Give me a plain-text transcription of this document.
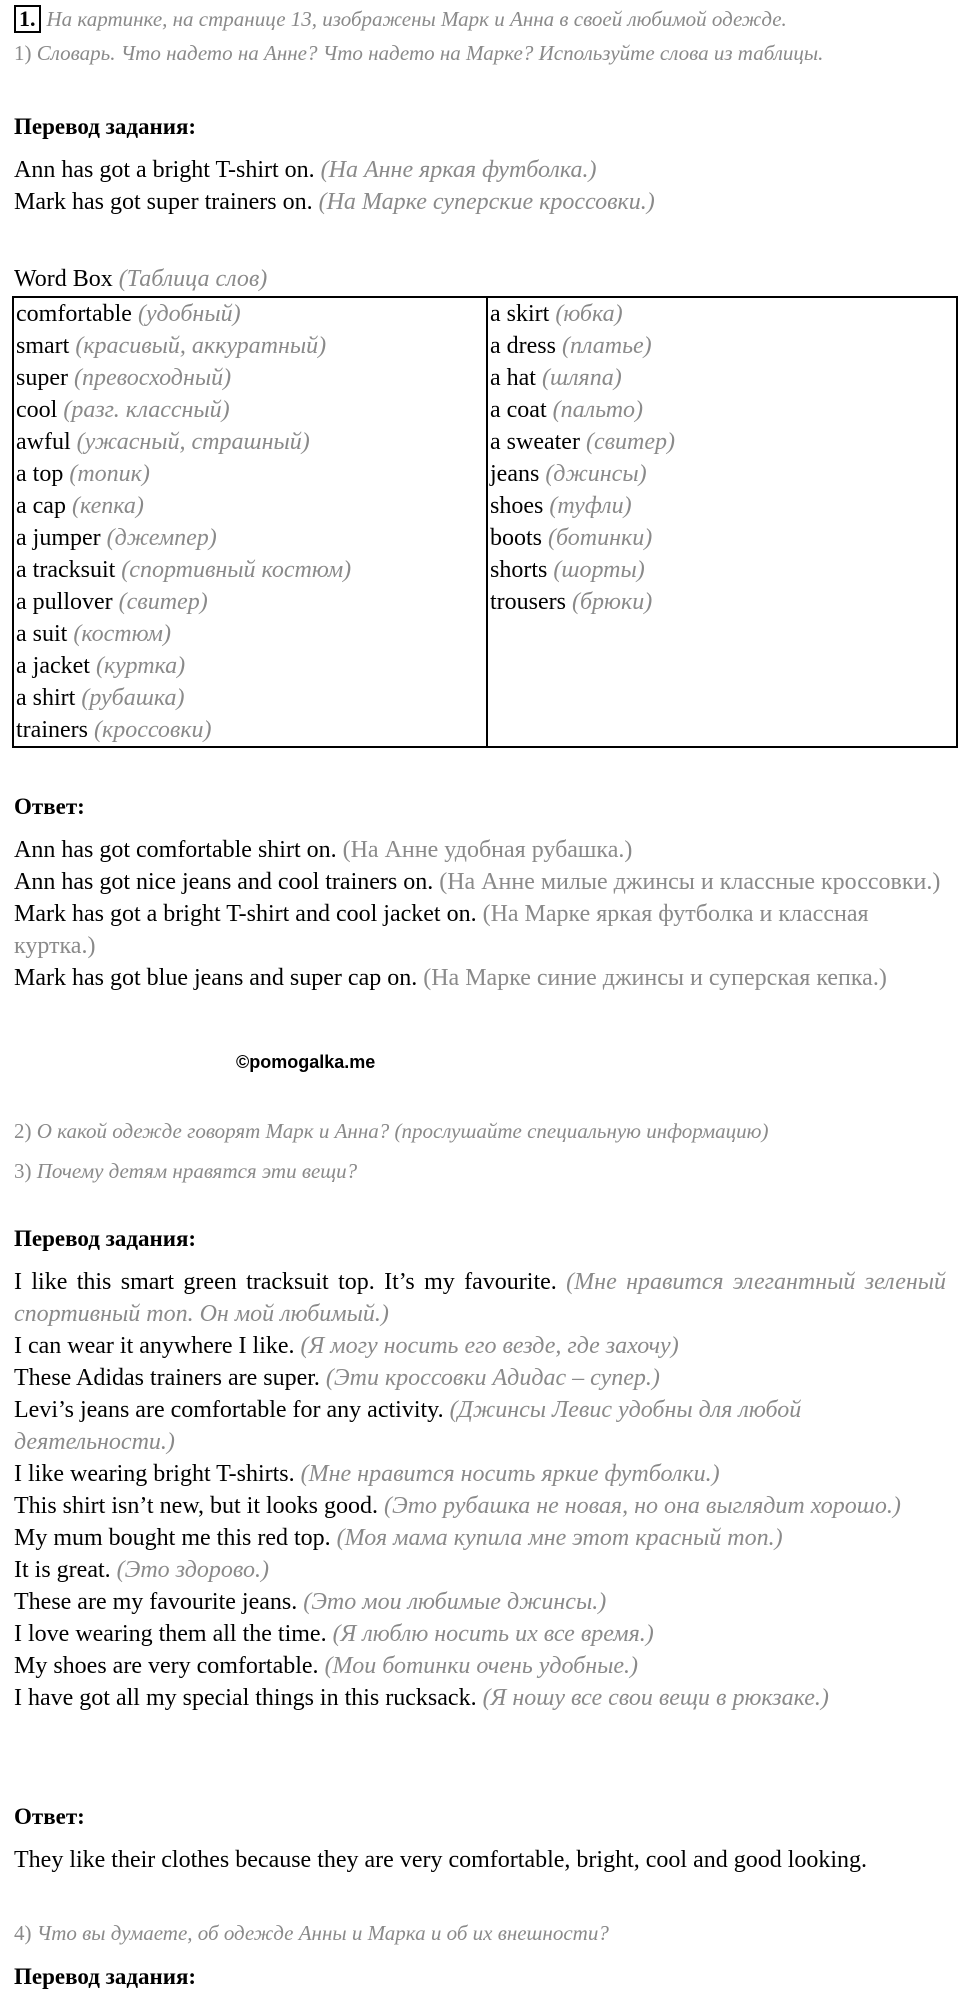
1. На картинке, на странице 13, изображены Марк и Анна в своей любимой одежде.
1) Словарь. Что надето на Анне? Что надето на Марке? Используйте слова из таблицы.
Перевод задания:
Ann has got a bright T-shirt on. (На Анне яркая футболка.)
Mark has got super trainers on. (На Марке суперские кроссовки.)
Word Box (Таблица слов)
comfortable (удобный)
smart (красивый, аккуратный)
super (превосходный)
cool (разг. классный)
awful (ужасный, страшный)
a top (топик)
a cap (кепка)
a jumper (джемпер)
a tracksuit (спортивный костюм)
a pullover (свитер)
a suit (костюм)
a jacket (куртка)
a shirt (рубашка)
trainers (кроссовки)

a skirt (юбка)
a dress (платье)
a hat (шляпа)
a coat (пальто)
a sweater (свитер)
jeans (джинсы)
shoes (туфли)
boots (ботинки)
shorts (шорты)
trousers (брюки)
Ответ:
Ann has got comfortable shirt on. (На Анне удобная рубашка.)
Ann has got nice jeans and cool trainers on. (На Анне милые джинсы и классные кроссовки.)
Mark has got a bright T-shirt and cool jacket on. (На Марке яркая футболка и классная куртка.)
Mark has got blue jeans and super cap on. (На Марке синие джинсы и суперская кепка.)
©pomogalka.me
2) О какой одежде говорят Марк и Анна? (прослушайте специальную информацию)
3) Почему детям нравятся эти вещи?
Перевод задания:
I like this smart green tracksuit top. It’s my favourite. (Мне нравится элегантный зеленый спортивный топ. Он мой любимый.)
I can wear it anywhere I like. (Я могу носить его везде, где захочу)
These Adidas trainers are super. (Эти кроссовки Адидас – супер.)
Levi’s jeans are comfortable for any activity. (Джинсы Левис удобны для любой деятельности.)
I like wearing bright T-shirts. (Мне нравится носить яркие футболки.)
This shirt isn’t new, but it looks good. (Это рубашка не новая, но она выглядит хорошо.)
My mum bought me this red top. (Моя мама купила мне этот красный топ.)
It is great. (Это здорово.)
These are my favourite jeans. (Это мои любимые джинсы.)
I love wearing them all the time. (Я люблю носить их все время.)
My shoes are very comfortable. (Мои ботинки очень удобные.)
I have got all my special things in this rucksack. (Я ношу все свои вещи в рюкзаке.)
Ответ:
They like their clothes because they are very comfortable, bright, cool and good looking.
4) Что вы думаете, об одежде Анны и Марка и об их внешности?
Перевод задания:
